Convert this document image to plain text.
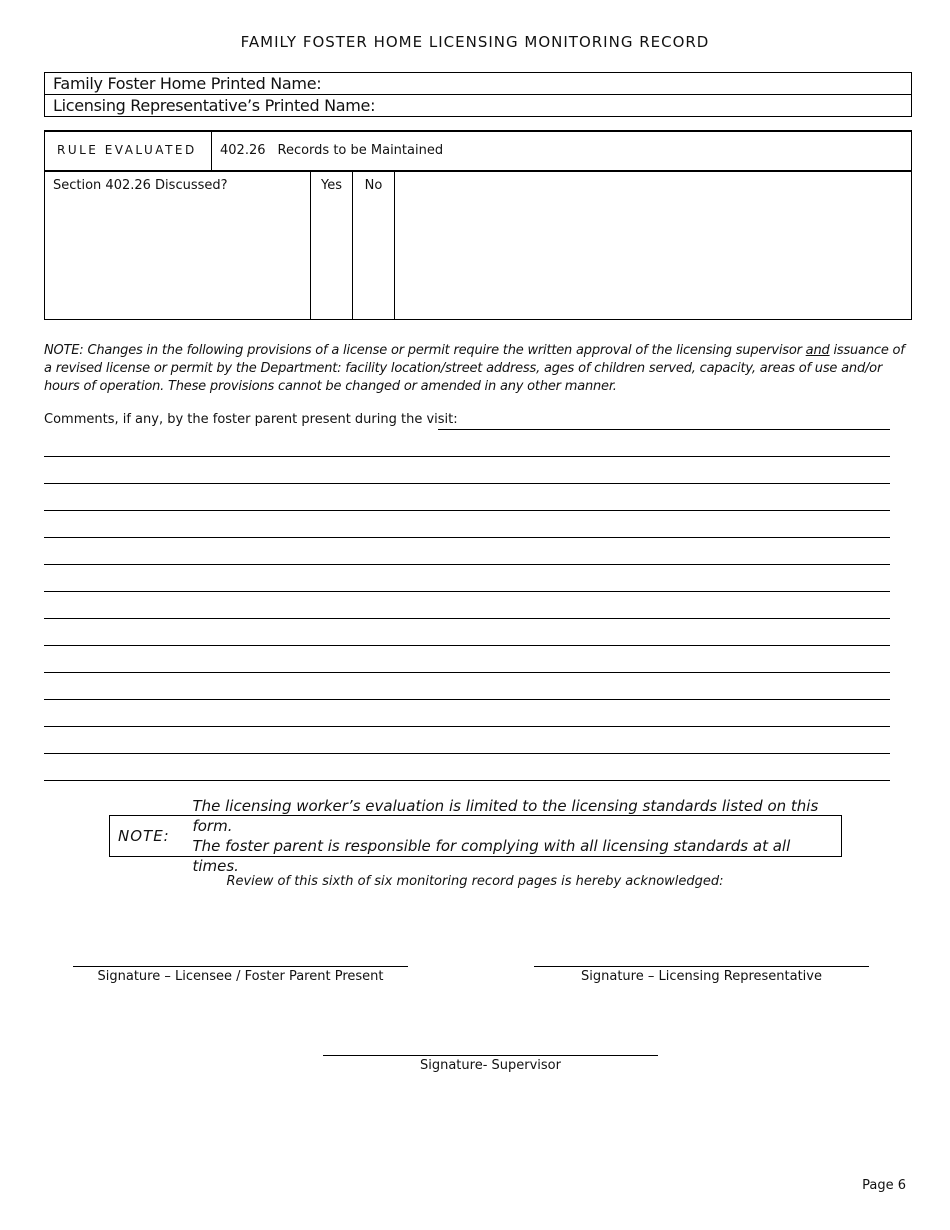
FAMILY FOSTER HOME LICENSING MONITORING RECORD
Family Foster Home Printed Name:
Licensing Representative’s Printed Name:
RULE EVALUATED	402.26 Records to be Maintained
Section 402.26 Discussed?	Yes	No
NOTE: Changes in the following provisions of a license or permit require the written approval of the licensing supervisor and issuance of a revised license or permit by the Department: facility location/street address, ages of children served, capacity, areas of use and/or hours of operation. These provisions cannot be changed or amended in any other manner.
Comments, if any, by the foster parent present during the visit:
NOTE:
The licensing worker’s evaluation is limited to the licensing standards listed on this form.
The foster parent is responsible for complying with all licensing standards at all times.
Review of this sixth of six monitoring record pages is hereby acknowledged:
Signature – Licensee / Foster Parent Present	Signature – Licensing Representative
Signature- Supervisor
Page 6
